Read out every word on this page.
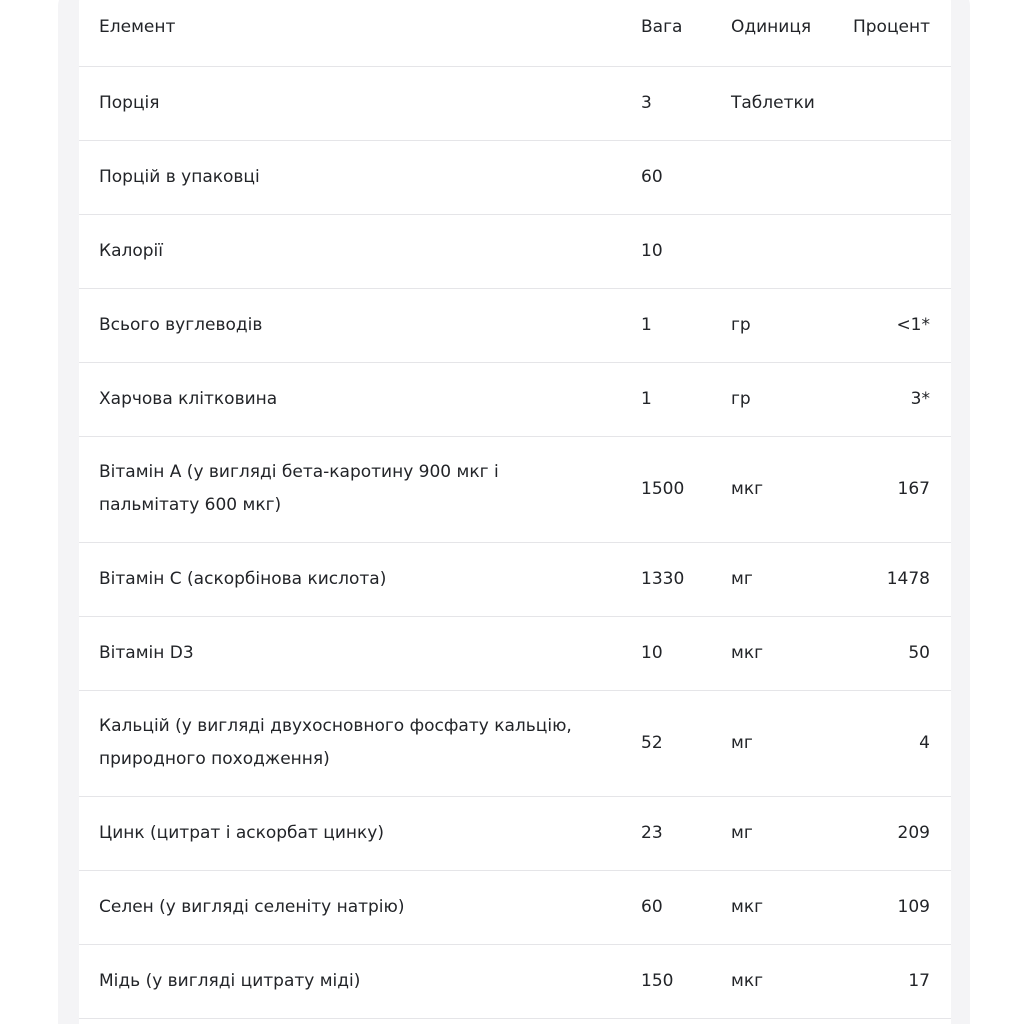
Елемент	Вага	Одиниця	Процент
Порція	3	Таблетки	
Порцій в упаковці	60		
Калорії	10		
Всього вуглеводів	1	гр	<1*
Харчова клітковина	1	гр	3*
Вітамін А (у вигляді бета-каротину 900 мкг і пальмітату 600 мкг)	1500	мкг	167
Вітамін С (аскорбінова кислота)	1330	мг	1478
Вітамін D3	10	мкг	50
Кальцій (у вигляді двухосновного фосфату кальцію, природного походження)	52	мг	4
Цинк (цитрат і аскорбат цинку)	23	мг	209
Селен (у вигляді селеніту натрію)	60	мкг	109
Мідь (у вигляді цитрату міді)	150	мкг	17
